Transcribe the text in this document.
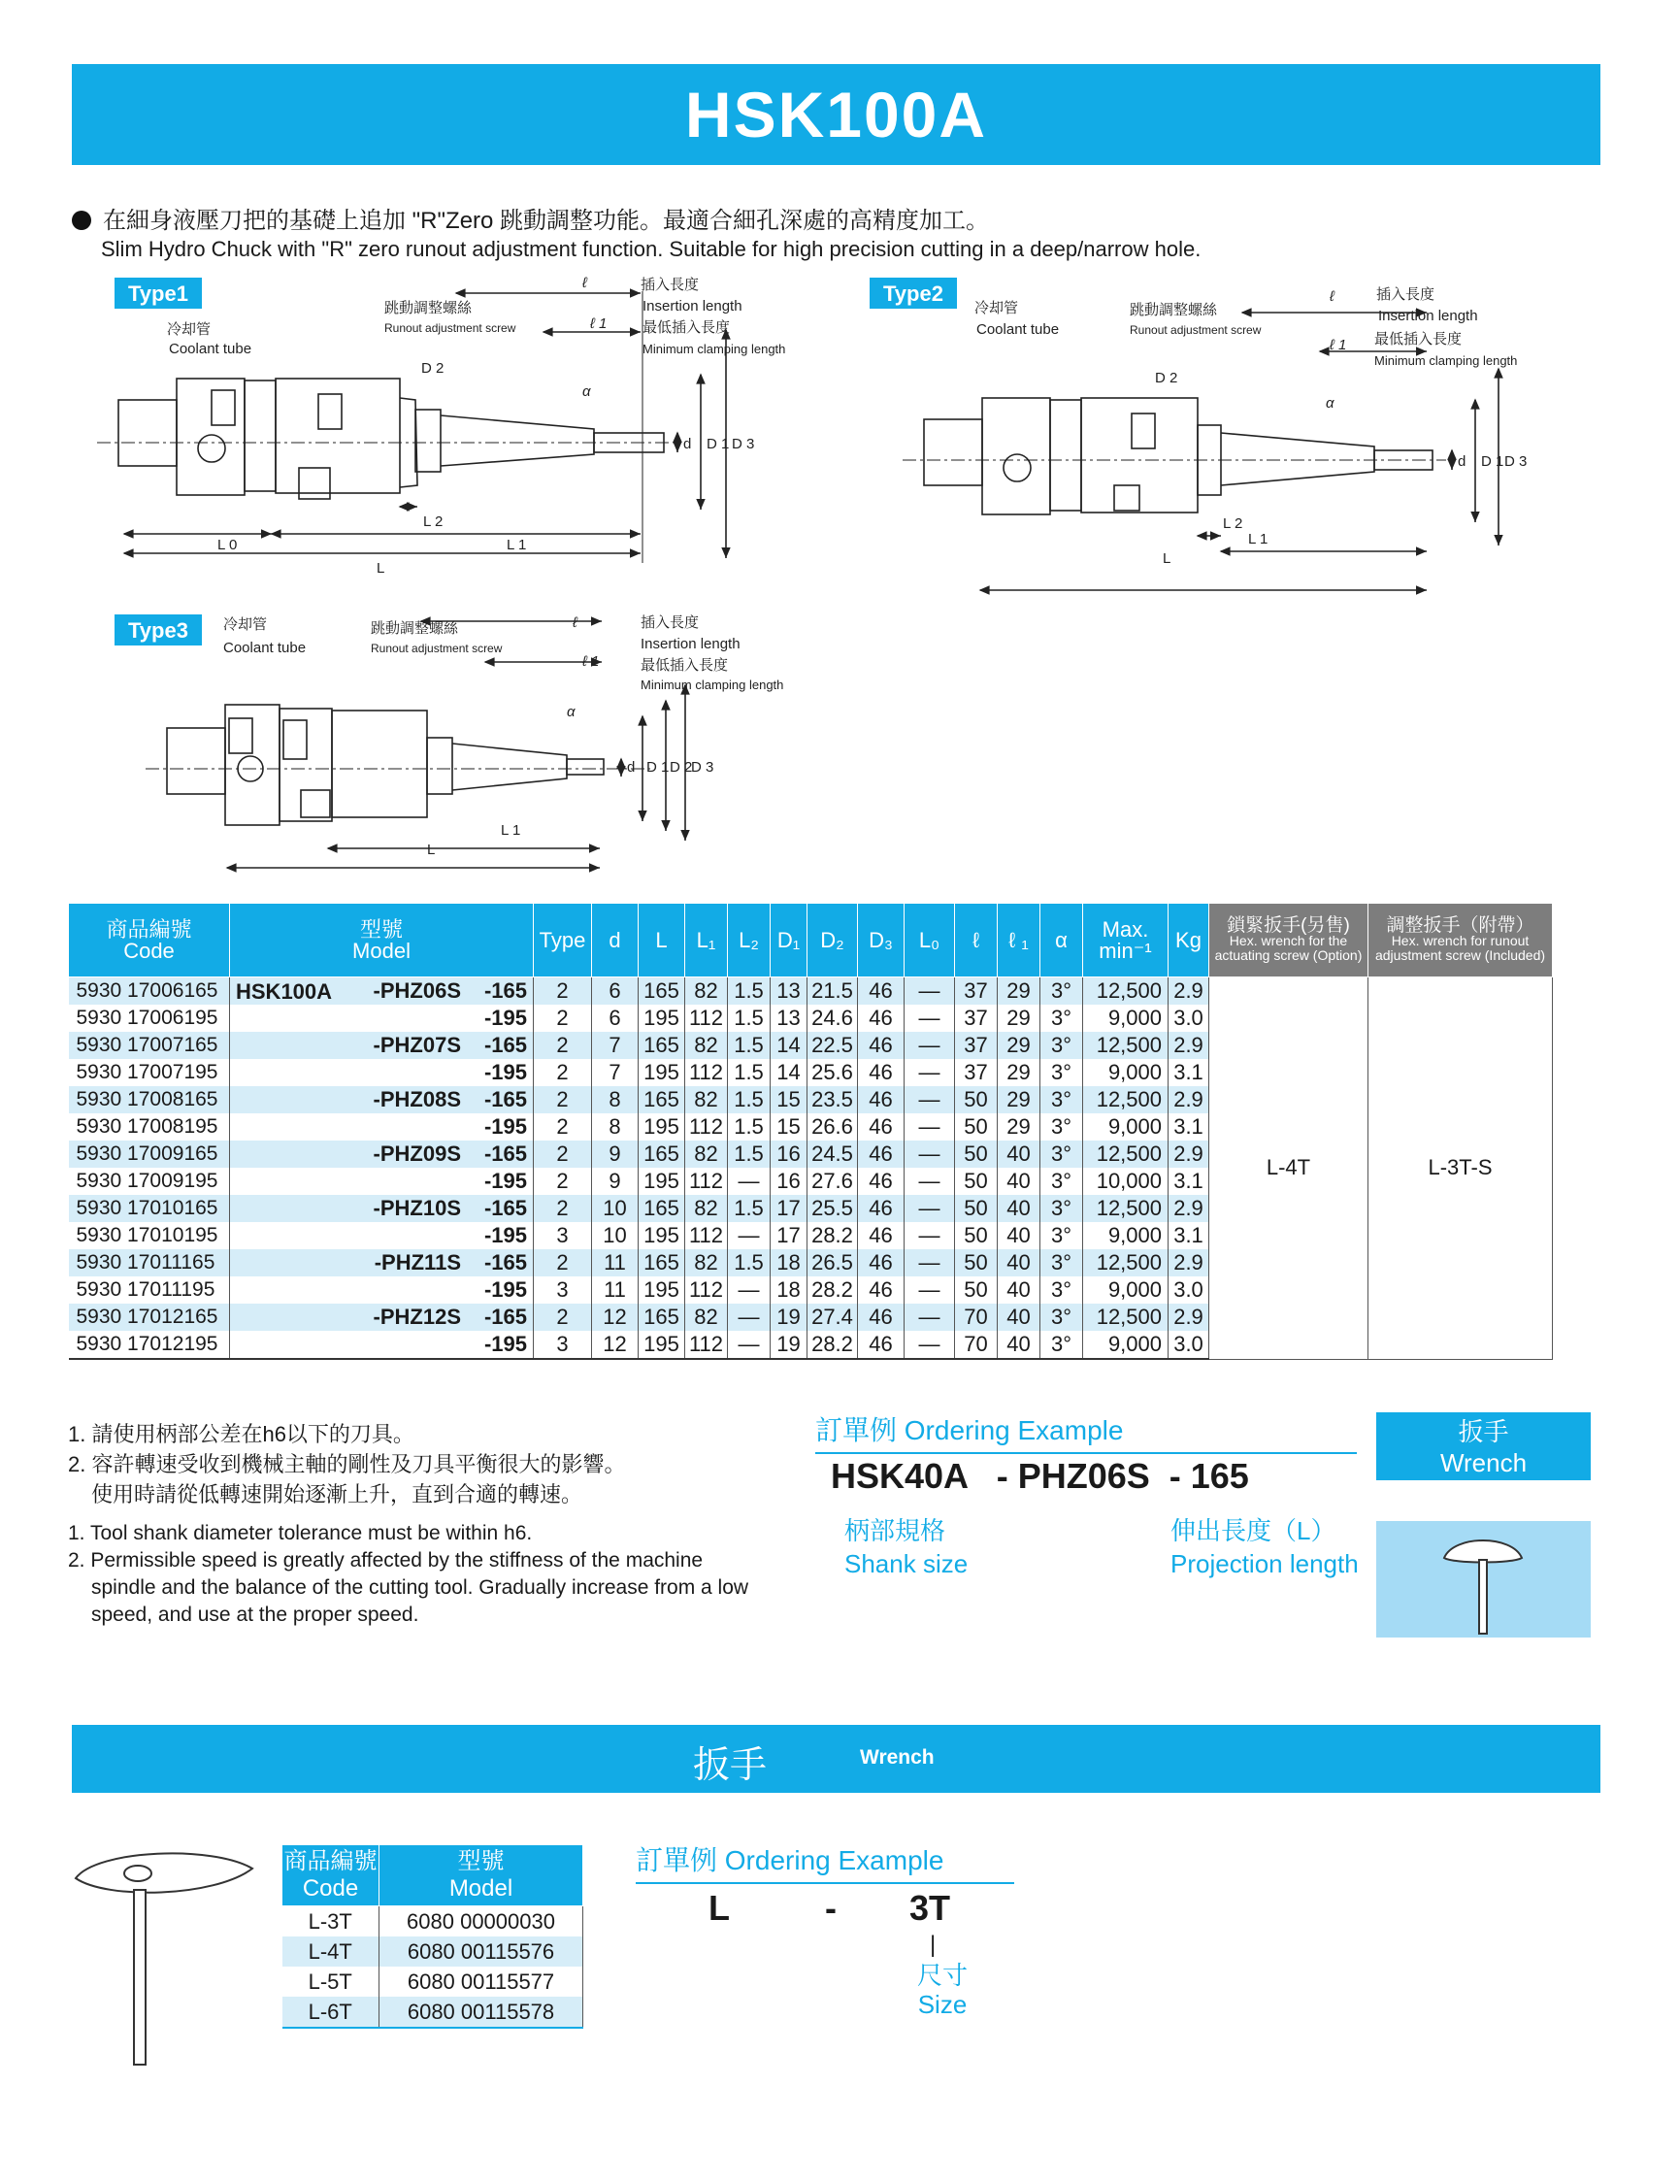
HSK100A
在細身液壓刀把的基礎上追加 "R"Zero 跳動調整功能。最適合細孔深處的高精度加工。
Slim Hydro Chuck with "R" zero runout adjustment function. Suitable for high precision cutting in a deep/narrow hole.
Type1	Type2
Type3
冷却管
Coolant tube
跳動調整螺絲
Runout adjustment screw
插入長度
Insertion length
最低插入長度
Minimum clamping length
ℓ
ℓ 1
α
D 2
d D 1 D 3
L 0	L 1
L 2
L
冷却管
Coolant tube
跳動調整螺絲
Runout adjustment screw
插入長度
Insertion length
最低插入長度
Minimum clamping length
ℓ
ℓ 1
α
D 2
d D 1 D 3
L 2
L 1
L
冷却管
Coolant tube
跳動調整螺絲
Runout adjustment screw
插入長度
Insertion length
最低插入長度
Minimum clamping length
ℓ
ℓ 1
α
d D 1 D 2
D 3
L 1
L
商品編號
Code	型號
Model	Type	d	L	L₁	L₂	D₁	D₂	D₃	L₀	ℓ	ℓ ₁	α	Max.
min⁻¹	Kg	鎖緊扳手(另售)
Hex. wrench for the actuating screw (Option)	調整扳手（附帶）
Hex. wrench for runout adjustment screw (Included)
5930 17006165	HSK100A -PHZ06S -165	2	6	165	82	1.5	13	21.5	46	—	37	29	3°	12,500	2.9	L-4T	L-3T-S
5930 17006195	-195	2	6	195	112	1.5	13	24.6	46	—	37	29	3°	9,000	3.0		
5930 17007165	-PHZ07S -165	2	7	165	82	1.5	14	22.5	46	—	37	29	3°	12,500	2.9		
5930 17007195	-195	2	7	195	112	1.5	14	25.6	46	—	37	29	3°	9,000	3.1		
5930 17008165	-PHZ08S -165	2	8	165	82	1.5	15	23.5	46	—	50	29	3°	12,500	2.9		
5930 17008195	-195	2	8	195	112	1.5	15	26.6	46	—	50	29	3°	9,000	3.1		
5930 17009165	-PHZ09S -165	2	9	165	82	1.5	16	24.5	46	—	50	40	3°	12,500	2.9		
5930 17009195	-195	2	9	195	112	—	16	27.6	46	—	50	40	3°	10,000	3.1		
5930 17010165	-PHZ10S -165	2	10	165	82	1.5	17	25.5	46	—	50	40	3°	12,500	2.9		
5930 17010195	-195	3	10	195	112	—	17	28.2	46	—	50	40	3°	9,000	3.1		
5930 17011165	-PHZ11S -165	2	11	165	82	1.5	18	26.5	46	—	50	40	3°	12,500	2.9		
5930 17011195	-195	3	11	195	112	—	18	28.2	46	—	50	40	3°	9,000	3.0		
5930 17012165	-PHZ12S -165	2	12	165	82	—	19	27.4	46	—	70	40	3°	12,500	2.9		
5930 17012195	-195	3	12	195	112	—	19	28.2	46	—	70	40	3°	9,000	3.0		
1. 請使用柄部公差在h6以下的刀具。
2. 容許轉速受收到機械主軸的剛性及刀具平衡很大的影響。
使用時請從低轉速開始逐漸上升，直到合適的轉速。
1. Tool shank diameter tolerance must be within h6.
2. Permissible speed is greatly affected by the stiffness of the machine
spindle and the balance of the cutting tool. Gradually increase from a low
speed, and use at the proper speed.
訂單例 Ordering Example
HSK40A   - PHZ06S  - 165
柄部規格
Shank size
伸出長度（L）
Projection length
扳手
Wrench
扳手	Wrench
商品編號
Code	型號
Model
L-3T	6080 00000030
L-4T	6080 00115576
L-5T	6080 00115577
L-6T	6080 00115578
訂單例 Ordering Example
L	- 3T
|
尺寸
Size
